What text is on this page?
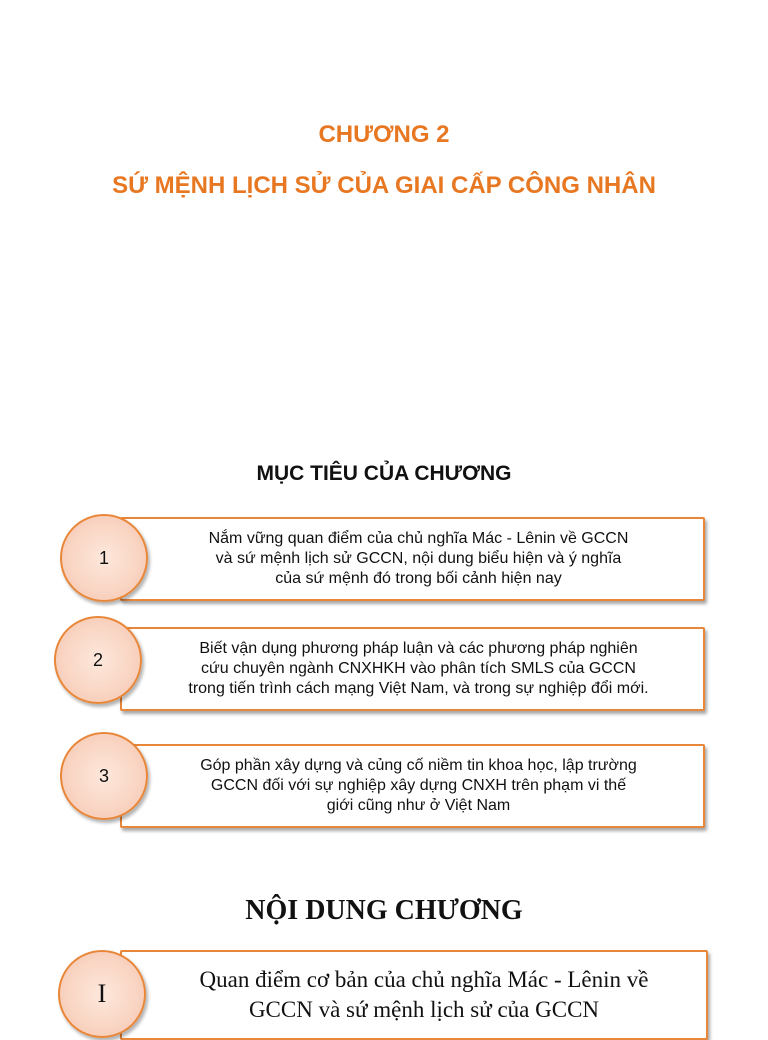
CHƯƠNG 2
SỨ MỆNH LỊCH SỬ CỦA GIAI CẤP CÔNG NHÂN
MỤC TIÊU CỦA CHƯƠNG
Nắm vững quan điểm của chủ nghĩa Mác - Lênin về GCCN
và sứ mệnh lịch sử GCCN, nội dung biểu hiện và ý nghĩa
của sứ mệnh đó trong bối cảnh hiện nay
1
Biết vận dụng phương pháp luận và các phương pháp nghiên
cứu chuyên ngành CNXHKH vào phân tích SMLS của GCCN
trong tiến trình cách mạng Việt Nam, và trong sự nghiệp đổi mới.
2
Góp phần xây dựng và củng cố niềm tin khoa học, lập trường
GCCN đối với sự nghiệp xây dựng CNXH trên phạm vi thế
giới cũng như ở Việt Nam
3
NỘI DUNG CHƯƠNG
Quan điểm cơ bản của chủ nghĩa Mác - Lênin về
GCCN và sứ mệnh lịch sử của GCCN
I
